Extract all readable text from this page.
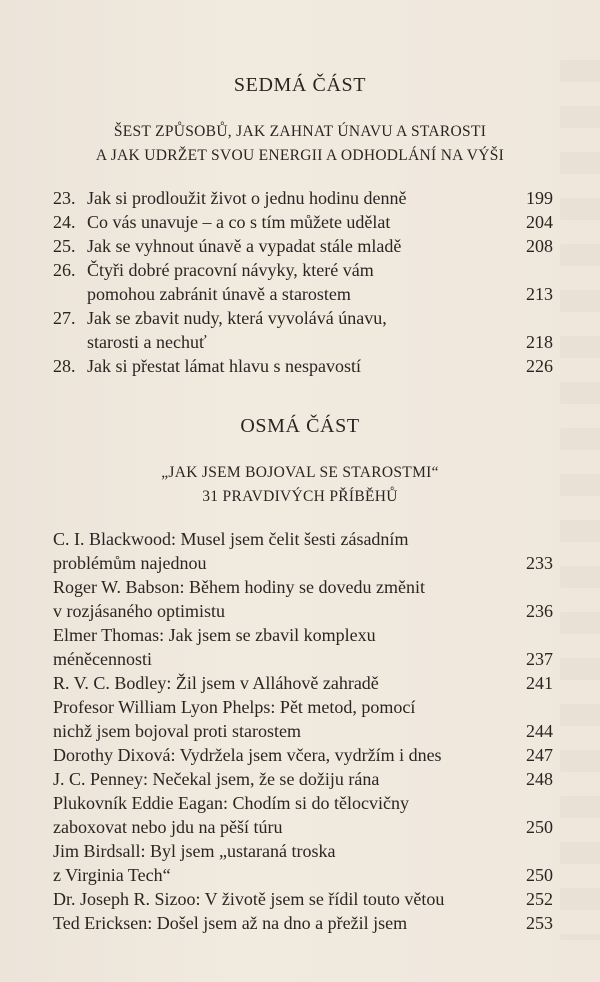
SEDMÁ ČÁST
ŠEST ZPŮSOBŮ, JAK ZAHNAT ÚNAVU A STAROSTI
A JAK UDRŽET SVOU ENERGII A ODHODLÁNÍ NA VÝŠI
23. Jak si prodloužit život o jednu hodinu denně	199
24. Co vás unavuje – a co s tím můžete udělat	204
25. Jak se vyhnout únavě a vypadat stále mladě	208
26. Čtyři dobré pracovní návyky, které vám
pomohou zabránit únavě a starostem	213
27. Jak se zbavit nudy, která vyvolává únavu,
starosti a nechuť	218
28. Jak si přestat lámat hlavu s nespavostí	226
OSMÁ ČÁST
„JAK JSEM BOJOVAL SE STAROSTMI“
31 PRAVDIVÝCH PŘÍBĚHŮ
C. I. Blackwood: Musel jsem čelit šesti zásadním
problémům najednou	233
Roger W. Babson: Během hodiny se dovedu změnit
v rozjásaného optimistu	236
Elmer Thomas: Jak jsem se zbavil komplexu
méněcennosti	237
R. V. C. Bodley: Žil jsem v Alláhově zahradě	241
Profesor William Lyon Phelps: Pět metod, pomocí
nichž jsem bojoval proti starostem	244
Dorothy Dixová: Vydržela jsem včera, vydržím i dnes	247
J. C. Penney: Nečekal jsem, že se dožiju rána	248
Plukovník Eddie Eagan: Chodím si do tělocvičny
zaboxovat nebo jdu na pěší túru	250
Jim Birdsall: Byl jsem „ustaraná troska
z Virginia Tech“	250
Dr. Joseph R. Sizoo: V životě jsem se řídil touto větou	252
Ted Ericksen: Došel jsem až na dno a přežil jsem	253
